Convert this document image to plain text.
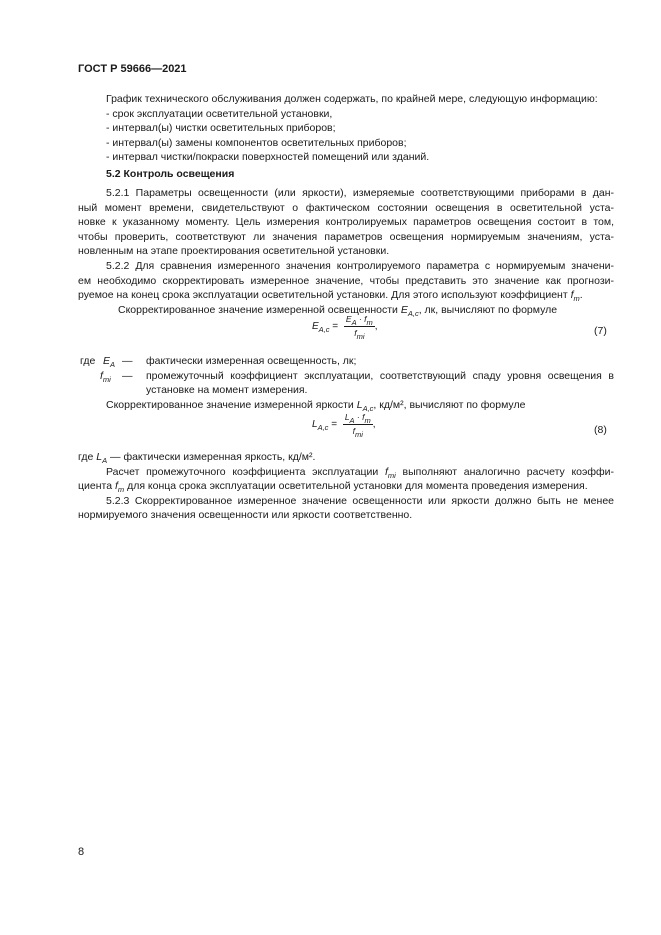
ГОСТ Р 59666—2021
График технического обслуживания должен содержать, по крайней мере, следующую информацию:
- срок эксплуатации осветительной установки,
- интервал(ы) чистки осветительных приборов;
- интервал(ы) замены компонентов осветительных приборов;
- интервал чистки/покраски поверхностей помещений или зданий.
5.2 Контроль освещения
5.2.1 Параметры освещенности (или яркости), измеряемые соответствующими приборами в дан-
ный момент времени, свидетельствуют о фактическом состоянии освещения в осветительной уста-
новке к указанному моменту. Цель измерения контролируемых параметров освещения состоит в том,
чтобы проверить, соответствуют ли значения параметров освещения нормируемым значениям, уста-
новленным на этапе проектирования осветительной установки.
5.2.2 Для сравнения измеренного значения контролируемого параметра с нормируемым значени-
ем необходимо скорректировать измеренное значение, чтобы представить это значение как прогнози-
руемое на конец срока эксплуатации осветительной установки. Для этого используют коэффициент $f_m$.
Скорректированное значение измеренной освещенности $E_{A,c}$, лк, вычисляют по формуле
$E_{A,c} = \frac{E_A \cdot f_m}{f_{mi}}$ ,	(7)
где $E_A$ — фактически измеренная освещенность, лк;
$f_{mi}$ — промежуточный коэффициент эксплуатации, соответствующий спаду уровня освещения в
установке на момент измерения.
Скорректированное значение измеренной яркости $L_{A,c}$, кд/м², вычисляют по формуле
$L_{A,c} = \frac{L_A \cdot f_m}{f_{mi}}$ ,	(8)
где $L_A$ — фактически измеренная яркость, кд/м².
Расчет промежуточного коэффициента эксплуатации $f_{mi}$ выполняют аналогично расчету коэффи-
циента $f_m$ для конца срока эксплуатации осветительной установки для момента проведения измерения.
5.2.3 Скорректированное измеренное значение освещенности или яркости должно быть не менее
нормируемого значения освещенности или яркости соответственно.
8
